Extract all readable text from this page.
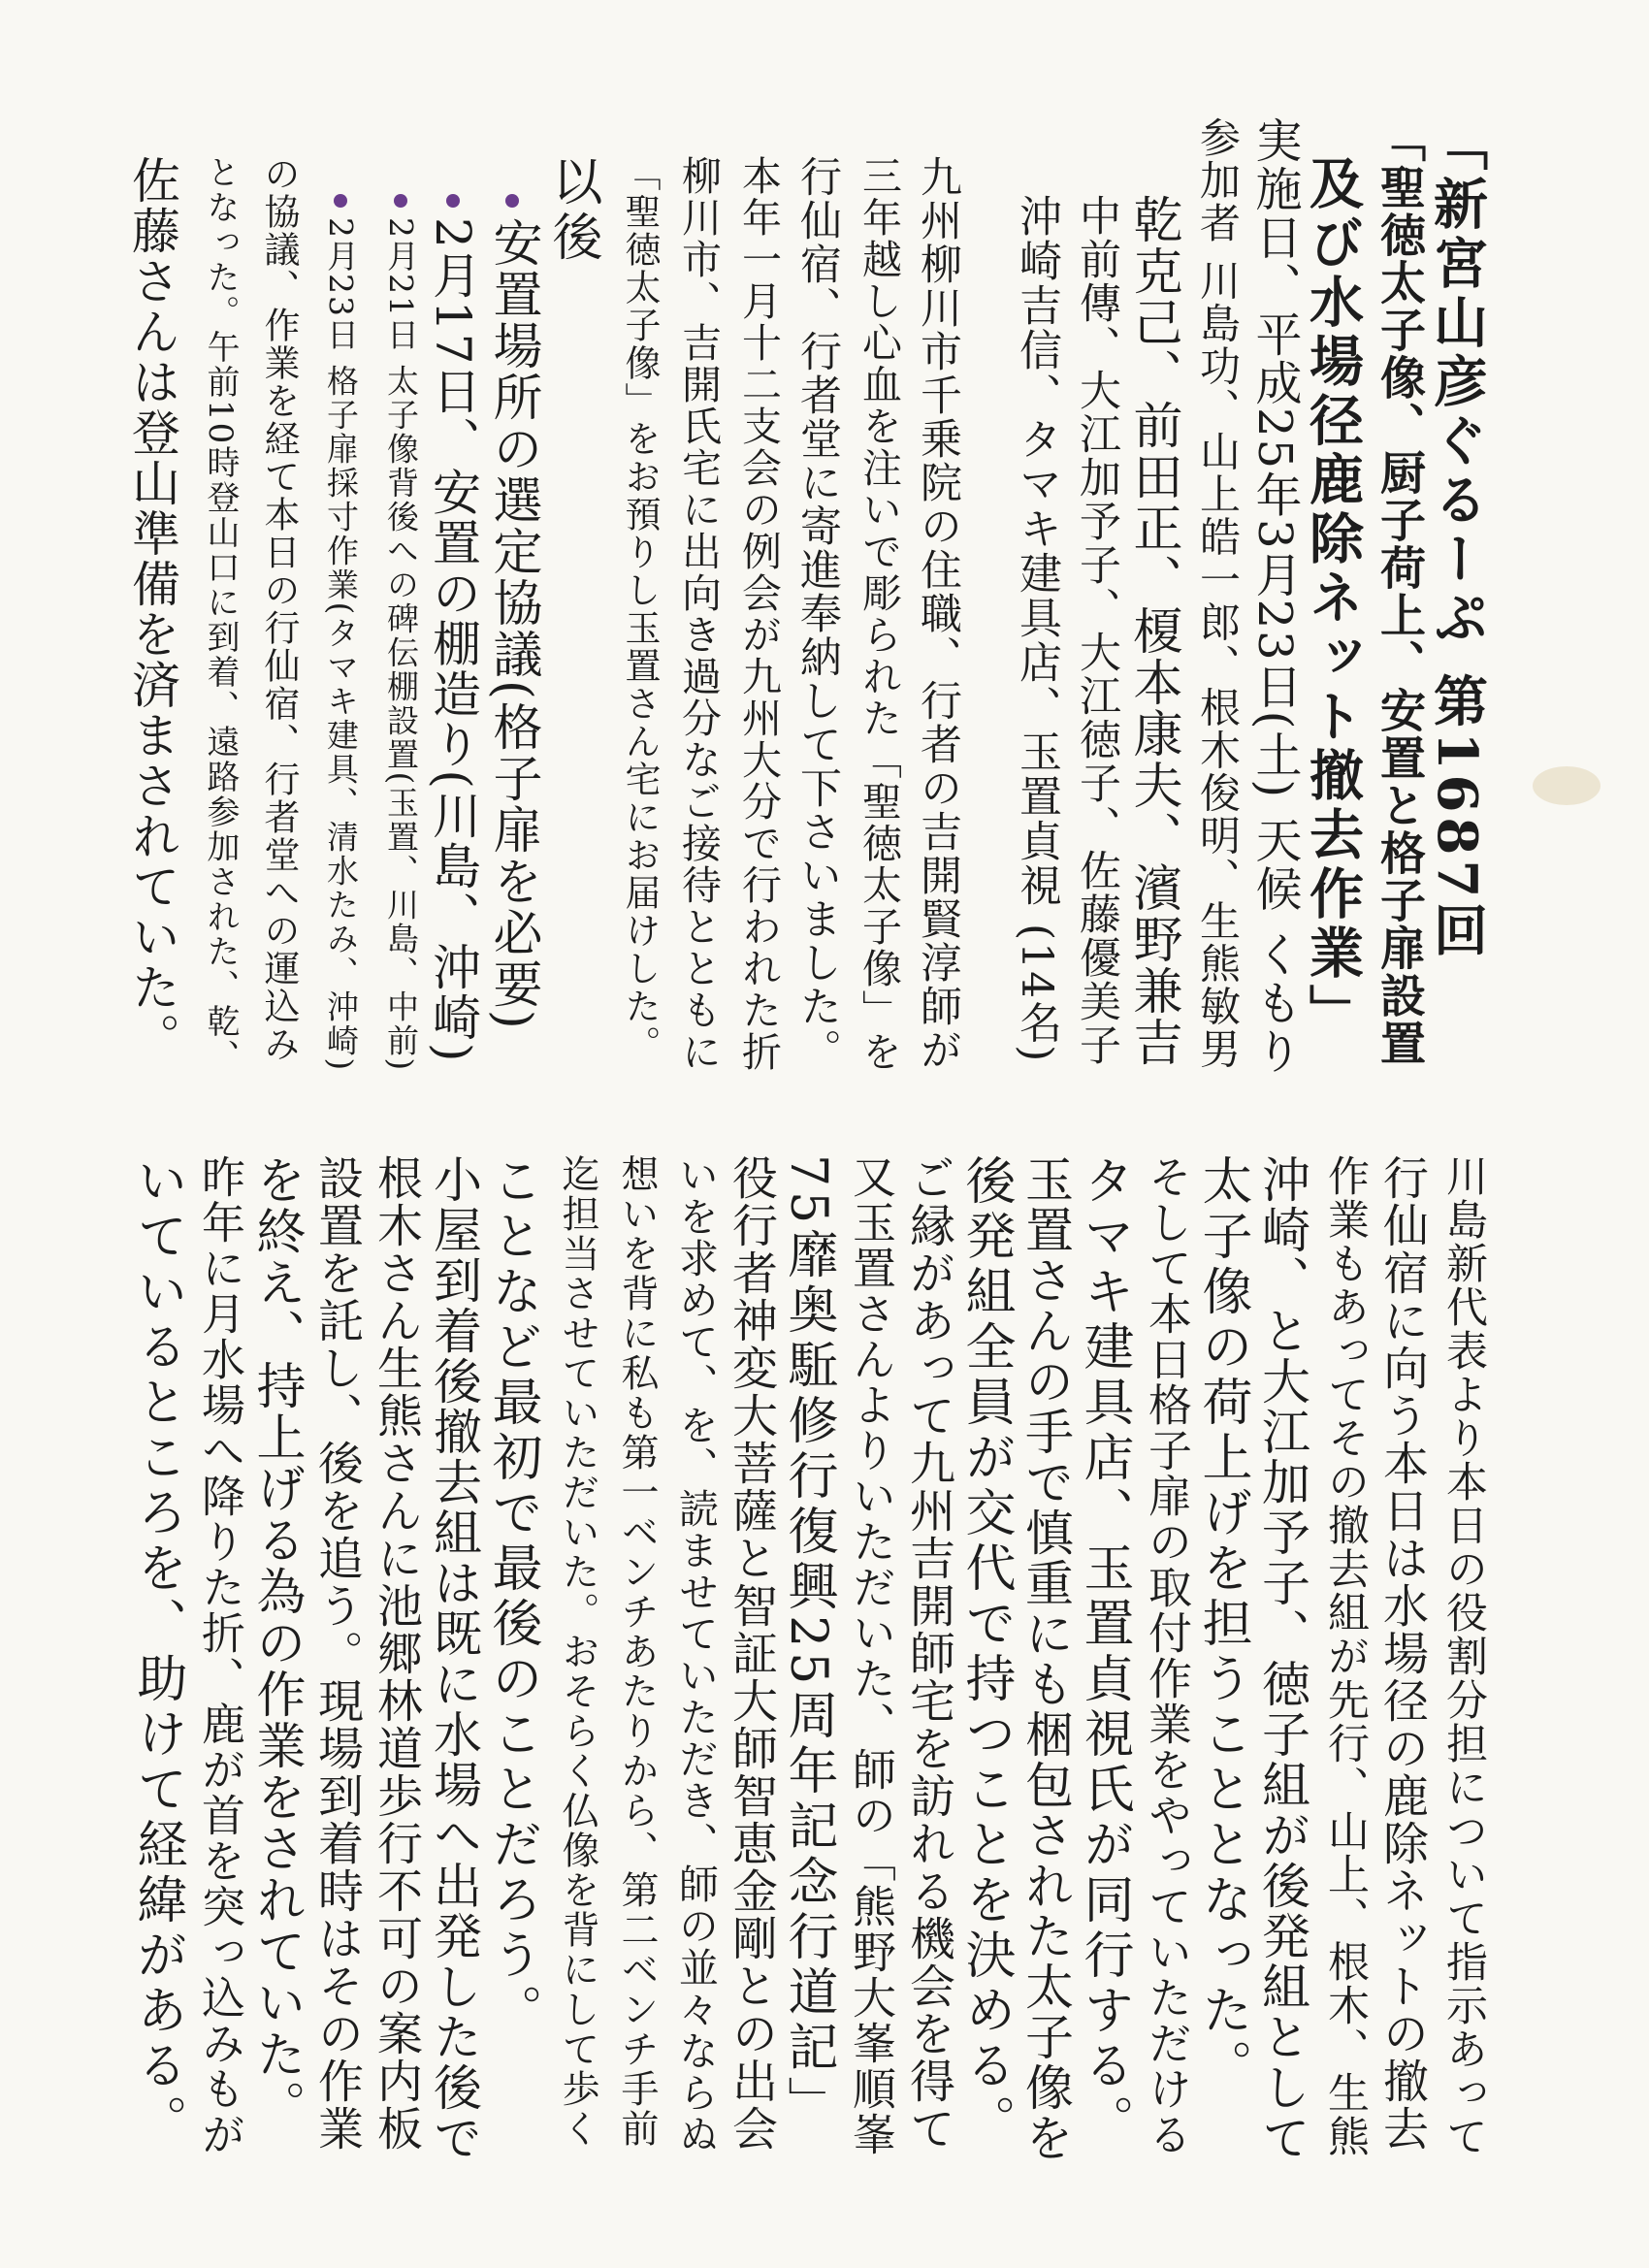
「新宮山彦ぐるーぷ 第1687回
「聖徳太子像、厨子荷上、安置と格子扉設置
及び水場径鹿除ネット撤去作業」
実施日、平成25年3月23日(土) 天候 くもり
参加者 川島功、山上皓一郎、根木俊明、生熊敏男
乾克己、前田正、榎本康夫、濱野兼吉
中前傳、大江加予子、大江徳子、佐藤優美子
沖崎吉信、タマキ建具店、玉置貞視 (14名)
九州柳川市千乗院の住職、行者の吉開賢淳師が
三年越し心血を注いで彫られた「聖徳太子像」を
行仙宿、行者堂に寄進奉納して下さいました。
本年一月十二支会の例会が九州大分で行われた折
柳川市、吉開氏宅に出向き過分なご接待とともに
「聖徳太子像」をお預りし玉置さん宅にお届けした。
以後
安置場所の選定協議(格子扉を必要)
2月17日、安置の棚造り(川島、沖崎)
2月21日 太子像背後への碑伝棚設置(玉置、川島、中前)
2月23日 格子扉採寸作業(タマキ建具、清水たみ、沖崎)
の協議、作業を経て本日の行仙宿、行者堂への運込み
となった。午前10時登山口に到着、遠路参加された、乾、
佐藤さんは登山準備を済まされていた。
川島新代表より本日の役割分担について指示あって
行仙宿に向う本日は水場径の鹿除ネットの撤去
作業もあってその撤去組が先行、山上、根木、生熊
沖崎、と大江加予子、徳子組が後発組として
太子像の荷上げを担うこととなった。
そして本日格子扉の取付作業をやっていただける
タマキ建具店、玉置貞視氏が同行する。
玉置さんの手で慎重にも梱包された太子像を
後発組全員が交代で持つことを決める。
ご縁があって九州吉開師宅を訪れる機会を得て
又玉置さんよりいただいた、師の「熊野大峯順峯
75靡奥駈修行復興25周年記念行道記」
役行者神変大菩薩と智証大師智恵金剛との出会
いを求めて、を、読ませていただき、師の並々ならぬ
想いを背に私も第一ベンチあたりから、第二ベンチ手前
迄担当させていただいた。おそらく仏像を背にして歩く
ことなど最初で最後のことだろう。
小屋到着後撤去組は既に水場へ出発した後で
根木さん生熊さんに池郷林道歩行不可の案内板
設置を託し、後を追う。現場到着時はその作業
を終え、持上げる為の作業をされていた。
昨年に月水場へ降りた折、鹿が首を突っ込みもが
いているところを、助けて経緯がある。
